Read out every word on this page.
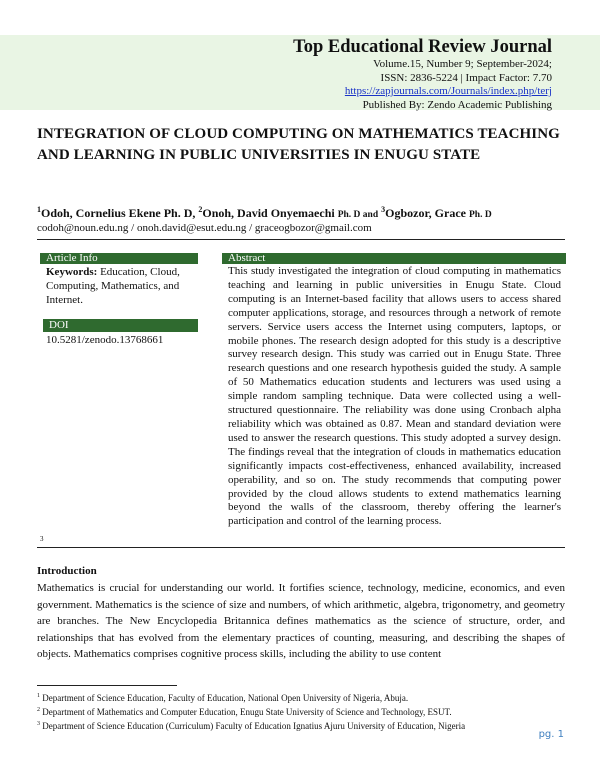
Top Educational Review Journal
Volume.15, Number 9; September-2024;
ISSN: 2836-5224 | Impact Factor: 7.70
https://zapjournals.com/Journals/index.php/terj
Published By: Zendo Academic Publishing
INTEGRATION OF CLOUD COMPUTING ON MATHEMATICS TEACHING AND LEARNING IN PUBLIC UNIVERSITIES IN ENUGU STATE
$^1$Odoh, Cornelius Ekene Ph. D, $^2$Onoh, David Onyemaechi Ph. D and $^3$Ogbozor, Grace Ph. D
codoh@noun.edu.ng / onoh.david@esut.edu.ng / graceogbozor@gmail.com
Article Info
Keywords: Education, Cloud, Computing, Mathematics, and Internet.
DOI
10.5281/zenodo.13768661
Abstract
This study investigated the integration of cloud computing in mathematics teaching and learning in public universities in Enugu State. Cloud computing is an Internet-based facility that allows users to access shared computer applications, storage, and resources through a network of remote servers. Service users access the Internet using computers, laptops, or mobile phones. The research design adopted for this study is a descriptive survey research design. This study was carried out in Enugu State. Three research questions and one research hypothesis guided the study. A sample of 50 Mathematics education students and lecturers was used using a simple random sampling technique. Data were collected using a well-structured questionnaire. The reliability was done using Cronbach alpha reliability which was obtained as 0.87. Mean and standard deviation were used to answer the research questions. This study adopted a survey design. The findings reveal that the integration of clouds in mathematics education significantly impacts cost-effectiveness, enhanced availability, increased operability, and so on. The study recommends that computing power provided by the cloud allows students to extend mathematics learning beyond the walls of the classroom, thereby offering the learner's participation and control of the learning process.
3
Introduction
Mathematics is crucial for understanding our world. It fortifies science, technology, medicine, economics, and even government. Mathematics is the science of size and numbers, of which arithmetic, algebra, trigonometry, and geometry are branches. The New Encyclopedia Britannica defines mathematics as the science of structure, order, and relationships that has evolved from the elementary practices of counting, measuring, and describing the shapes of objects. Mathematics comprises cognitive process skills, including the ability to use content
$^1$ Department of Science Education, Faculty of Education, National Open University of Nigeria, Abuja.
$^2$ Department of Mathematics and Computer Education, Enugu State University of Science and Technology, ESUT.
$^3$ Department of Science Education (Curriculum) Faculty of Education Ignatius Ajuru University of Education, Nigeria
pg. 1
